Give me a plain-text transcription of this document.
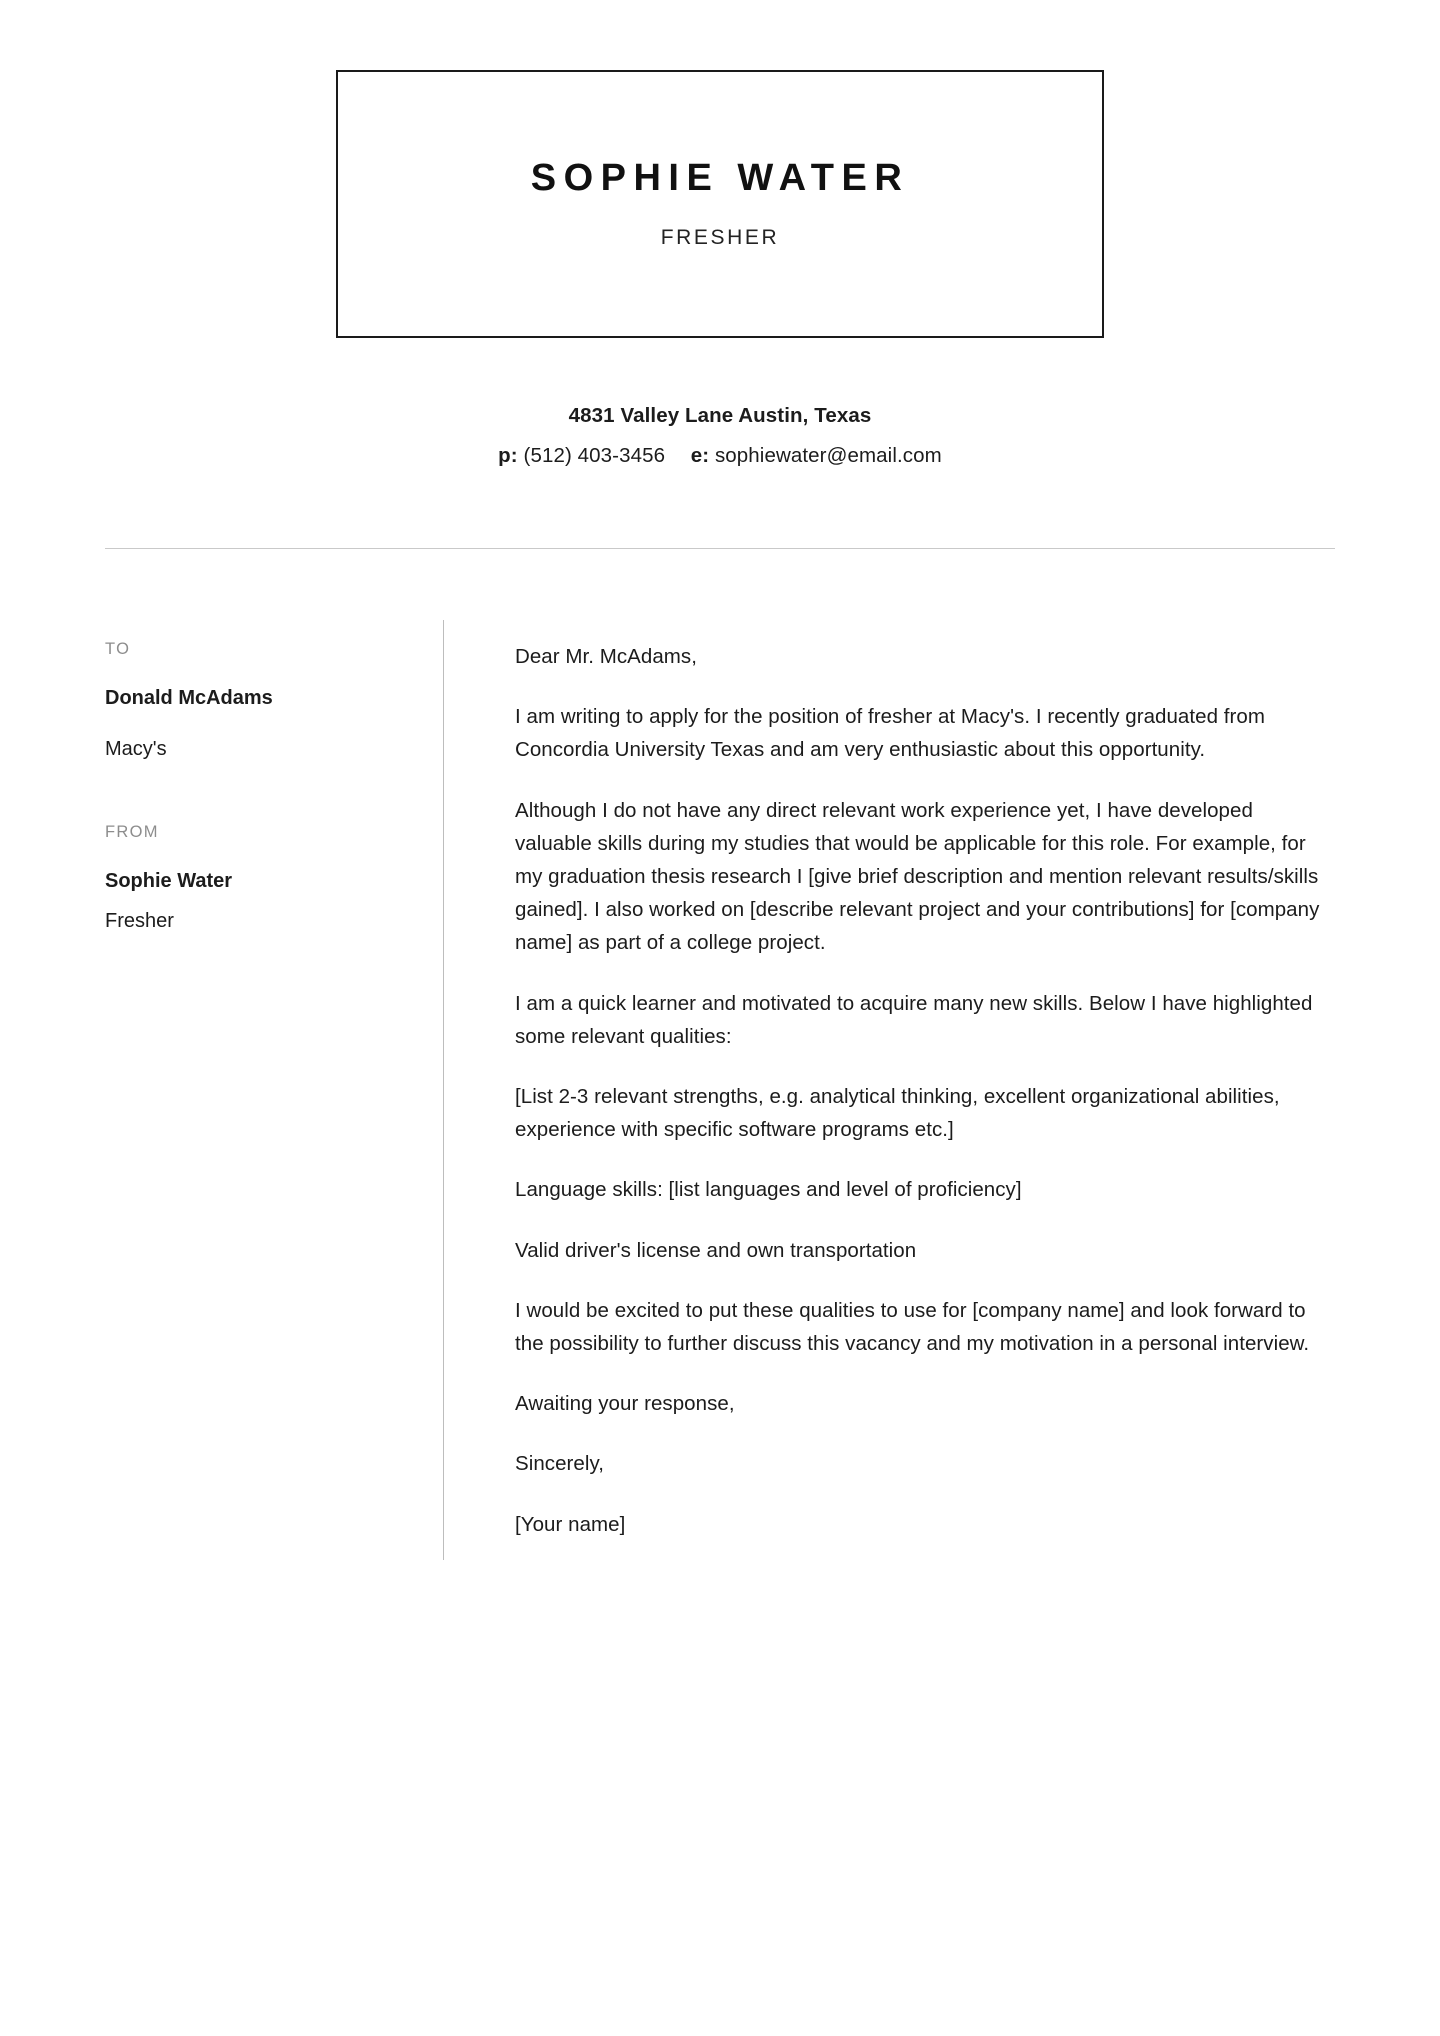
SOPHIE WATER
FRESHER
4831 Valley Lane Austin, Texas
p: (512) 403-3456 e: sophiewater@email.com
TO
Donald McAdams
Macy's
FROM
Sophie Water
Fresher

Dear Mr. McAdams,

I am writing to apply for the position of fresher at Macy's. I recently graduated from Concordia University Texas and am very enthusiastic about this opportunity.

Although I do not have any direct relevant work experience yet, I have developed valuable skills during my studies that would be applicable for this role. For example, for my graduation thesis research I [give brief description and mention relevant results/skills gained]. I also worked on [describe relevant project and your contributions] for [company name] as part of a college project.

I am a quick learner and motivated to acquire many new skills. Below I have highlighted some relevant qualities:

[List 2-3 relevant strengths, e.g. analytical thinking, excellent organizational abilities, experience with specific software programs etc.]

Language skills: [list languages and level of proficiency]

Valid driver's license and own transportation

I would be excited to put these qualities to use for [company name] and look forward to the possibility to further discuss this vacancy and my motivation in a personal interview.

Awaiting your response,

Sincerely,

[Your name]
